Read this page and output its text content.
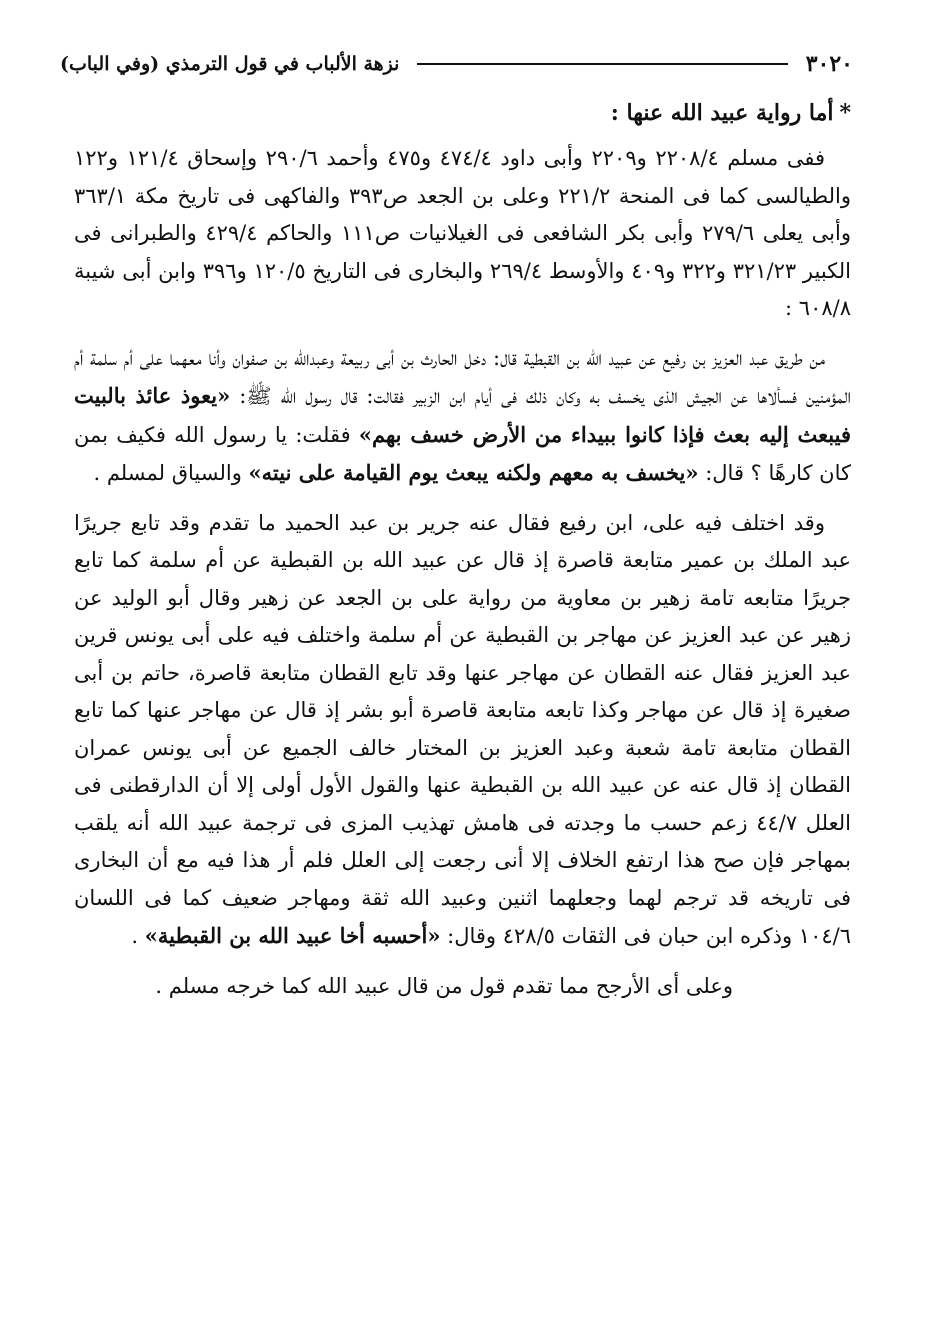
٣٠٢٠
نزهة الألباب في قول الترمذي (وفي الباب)
*أما رواية عبيد الله عنها :

ففى مسلم ٢٢٠٨/٤ و٢٢٠٩ وأبى داود ٤٧٤/٤ و٤٧٥ وأحمد ٢٩٠/٦ وإسحاق ١٢١/٤ و١٢٢ والطيالسى كما فى المنحة ٢٢١/٢ وعلى بن الجعد ص٣٩٣ والفاكهى فى تاريخ مكة ٣٦٣/١ وأبى يعلى ٢٧٩/٦ وأبى بكر الشافعى فى الغيلانيات ص١١١ والحاكم ٤٢٩/٤ والطبرانى فى الكبير ٣٢١/٢٣ و٣٢٢ و٤٠٩ والأوسط ٢٦٩/٤ والبخارى فى التاريخ ١٢٠/٥ و٣٩٦ وابن أبى شيبة ٦٠٨/٨ :

من طريق عبد العزيز بن رفيع عن عبيد الله بن القبطية قال: دخل الحارث بن أبى ربيعة وعبدالله بن صفوان وأنا معهما على أم سلمة أم المؤمنين فسألاها عن الجيش الذى يخسف به وكان ذلك فى أيام ابن الزبير فقالت: قال رسول الله ﷺ: «يعوذ عائذ بالبيت فيبعث إليه بعث فإذا كانوا ببيداء من الأرض خسف بهم» فقلت: يا رسول الله فكيف بمن كان كارهًا ؟ قال: «يخسف به معهم ولكنه يبعث يوم القيامة على نيته» والسياق لمسلم .

وقد اختلف فيه على، ابن رفيع فقال عنه جرير بن عبد الحميد ما تقدم وقد تابع جريرًا عبد الملك بن عمير متابعة قاصرة إذ قال عن عبيد الله بن القبطية عن أم سلمة كما تابع جريرًا متابعه تامة زهير بن معاوية من رواية على بن الجعد عن زهير وقال أبو الوليد عن زهير عن عبد العزيز عن مهاجر بن القبطية عن أم سلمة واختلف فيه على أبى يونس قرين عبد العزيز فقال عنه القطان عن مهاجر عنها وقد تابع القطان متابعة قاصرة، حاتم بن أبى صغيرة إذ قال عن مهاجر وكذا تابعه متابعة قاصرة أبو بشر إذ قال عن مهاجر عنها كما تابع القطان متابعة تامة شعبة وعبد العزيز بن المختار خالف الجميع عن أبى يونس عمران القطان إذ قال عنه عن عبيد الله بن القبطية عنها والقول الأول أولى إلا أن الدارقطنى فى العلل ٤٤/٧ زعم حسب ما وجدته فى هامش تهذيب المزى فى ترجمة عبيد الله أنه يلقب بمهاجر فإن صح هذا ارتفع الخلاف إلا أنى رجعت إلى العلل فلم أر هذا فيه مع أن البخارى فى تاريخه قد ترجم لهما وجعلهما اثنين وعبيد الله ثقة ومهاجر ضعيف كما فى اللسان ١٠٤/٦ وذكره ابن حبان فى الثقات ٤٢٨/٥ وقال: «أحسبه أخا عبيد الله بن القبطية» .

وعلى أى الأرجح مما تقدم قول من قال عبيد الله كما خرجه مسلم .
